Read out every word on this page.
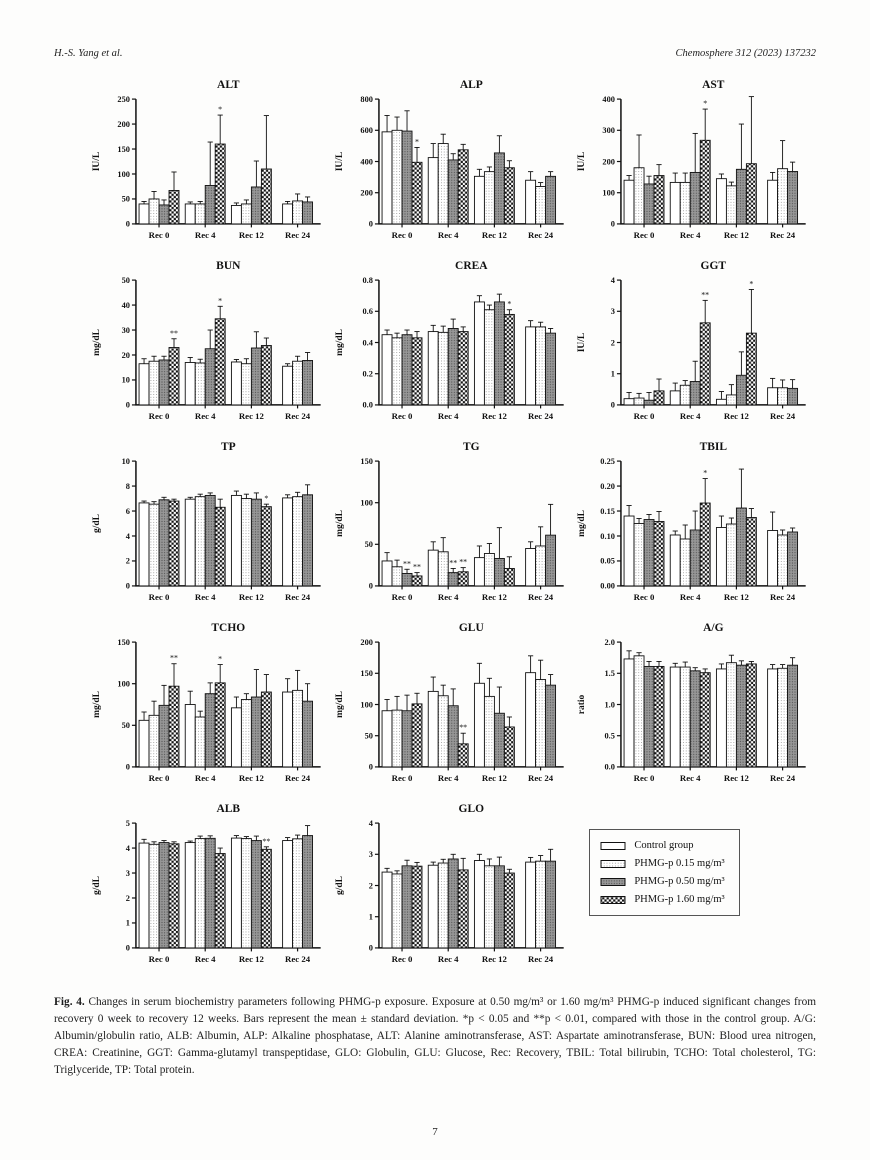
H.-S. Yang et al.	Chemosphere 312 (2023) 137232
ALT
IU/L
0
50
100
150
200
250
Rec 0	Rec 4	Rec 12 Rec 24
*
ALP
IU/L
0
200
400
600
800
Rec 0	Rec 4	Rec 12 Rec 24
*
AST
IU/L
0
100
200
300
400
Rec 0	Rec 4	Rec 12 Rec 24
*
BUN
mg/dL
0
10
20
30
40
50
Rec 0	Rec 4	Rec 12 Rec 24
**
*
CREA
mg/dL
0.0
0.2
0.4
0.6
0.8
Rec 0	Rec 4	Rec 12 Rec 24
*
GGT
IU/L
0
1
2
3
4
Rec 0	Rec 4	Rec 12 Rec 24
**
*
TP
g/dL
0
2
4
6
8
10
Rec 0	Rec 4	Rec 12 Rec 24
*
TG
mg/dL
0
50
100
150
Rec 0	Rec 4	Rec 12 Rec 24
** **	** **
TBIL
mg/dL
0.00
0.05
0.10
0.15
0.20
0.25
Rec 0	Rec 4	Rec 12 Rec 24
*
TCHO
mg/dL
0
50
100
150
Rec 0	Rec 4	Rec 12 Rec 24
**	*
GLU
mg/dL
0
50
100
150
200
Rec 0	Rec 4	Rec 12 Rec 24
**
A/G
ratio
0.0
0.5
1.0
1.5
2.0
Rec 0	Rec 4	Rec 12 Rec 24
ALB
g/dL
0
1
2
3
4
5
Rec 0	Rec 4	Rec 12 Rec 24
**
GLO
g/dL
0
1
2
3
4
Rec 0	Rec 4	Rec 12 Rec 24
Control group
PHMG-p 0.15 mg/m³
PHMG-p 0.50 mg/m³
PHMG-p 1.60 mg/m³

Fig. 4. Changes in serum biochemistry parameters following PHMG-p exposure. Exposure at 0.50 mg/m³ or 1.60 mg/m³ PHMG-p induced significant changes from recovery 0 week to recovery 12 weeks. Bars represent the mean ± standard deviation. *p < 0.05 and **p < 0.01, compared with those in the control group. A/G: Albumin/globulin ratio, ALB: Albumin, ALP: Alkaline phosphatase, ALT: Alanine aminotransferase, AST: Aspartate aminotransferase, BUN: Blood urea nitrogen, CREA: Creatinine, GGT: Gamma-glutamyl transpeptidase, GLO: Globulin, GLU: Glucose, Rec: Recovery, TBIL: Total bilirubin, TCHO: Total cholesterol, TG: Triglyceride, TP: Total protein.

7
